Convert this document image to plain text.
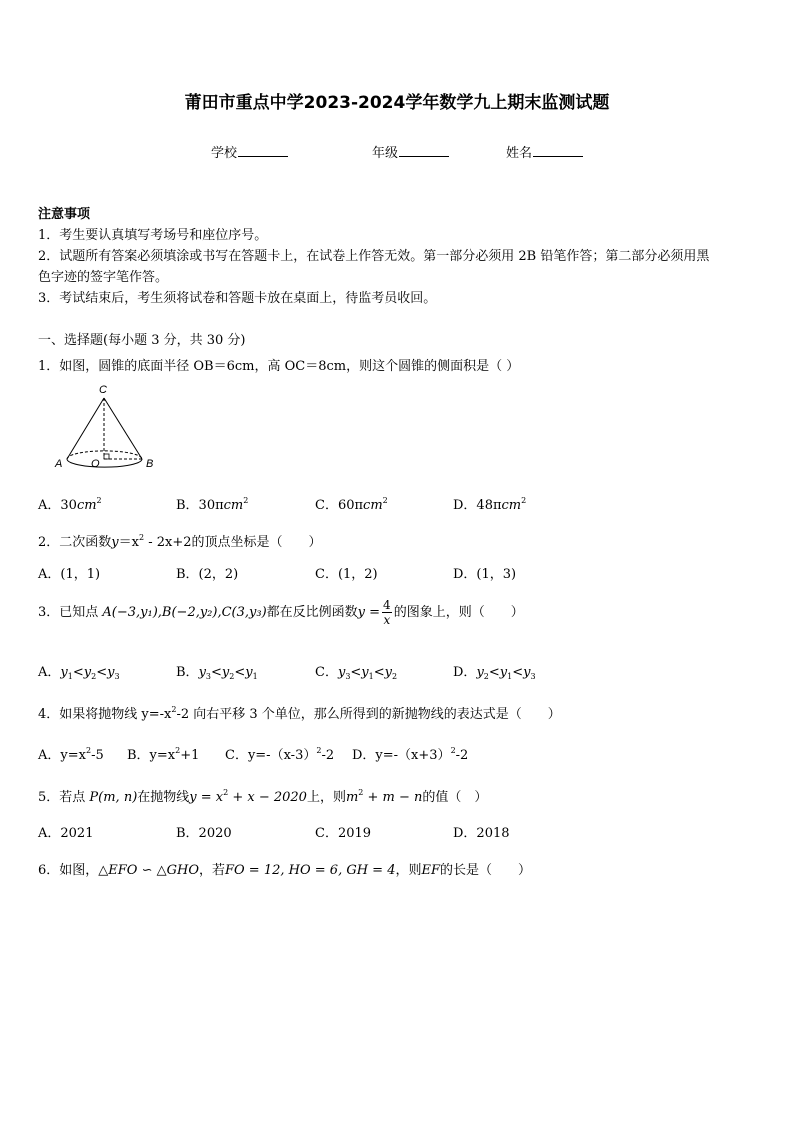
莆田市重点中学2023-2024学年数学九上期末监测试题
学校	年级	姓名
注意事项
1．考生要认真填写考场号和座位序号。
2．试题所有答案必须填涂或书写在答题卡上，在试卷上作答无效。第一部分必须用 2B 铅笔作答；第二部分必须用黑
色字迹的签字笔作答。
3．考试结束后，考生须将试卷和答题卡放在桌面上，待监考员收回。
一、选择题(每小题 3 分，共 30 分)
1．如图，圆锥的底面半径 OB＝6cm，高 OC＝8cm，则这个圆锥的侧面积是（ ）
C
A	O	B
A．$30cm^2$	B．30πcm$^2$	C．60πcm$^2$	D．48πcm$^2$
2．二次函数$y=x^2 - 2x+2$的顶点坐标是（　　）
A．(1，1)	B．(2，2)	C．(1，2)	D．(1，3)
3．已知点 A(−3,y₁),B(−2,y₂),C(3,y₃)都在反比例函数$y = \frac{4}{x}$ 的图象上，则（　　）
A．$y_1<y_2<y_3$	B．$y_3<y_2<y_1$	C．$y_3<y_1<y_2$	D．$y_2<y_1<y_3$
4．如果将抛物线 $y=-x^2-2$ 向右平移 3 个单位，那么所得到的新抛物线的表达式是（　　）
A．$y=x^2-5$ B．$y=x^2+1$ C．$y=-(x-3)^2-2$ D．$y=-(x+3)^2-2$
5．若点 P(m, n)在抛物线$y = x^2 + x - 2020$上，则$m^2 + m - n$的值（　）
A．2021	B．2020	C．2019	D．2018
6．如图，△EFO ∽ △GHO，若FO = 12, HO = 6, GH = 4，则EF的长是（　　）
